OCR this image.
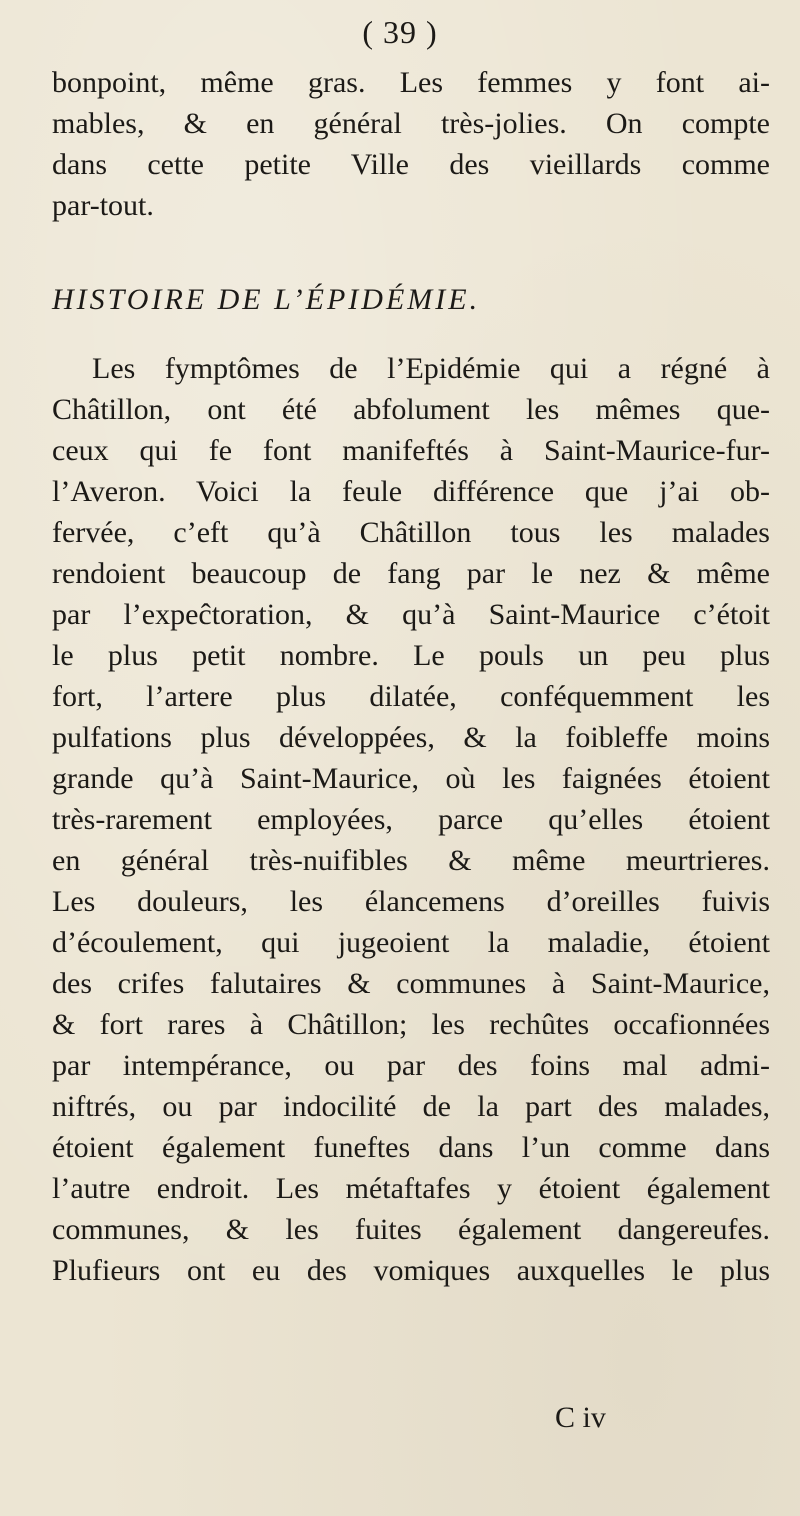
( 39 )
bonpoint, même gras. Les femmes y font ai-
mables, & en général très-jolies. On compte
dans cette petite Ville des vieillards comme
par-tout.
HISTOIRE DE L’ÉPIDÉMIE.
Les fymptômes de l’Epidémie qui a régné à
Châtillon, ont été abfolument les mêmes que-
ceux qui fe font manifeftés à Saint-Maurice-fur-
l’Averon. Voici la feule différence que j’ai ob-
fervée, c’eft qu’à Châtillon tous les malades
rendoient beaucoup de fang par le nez & même
par l’expeĉtoration, & qu’à Saint-Maurice c’étoit
le plus petit nombre. Le pouls un peu plus
fort, l’artere plus dilatée, conféquemment les
pulfations plus développées, & la foibleffe moins
grande qu’à Saint-Maurice, où les faignées étoient
très-rarement employées, parce qu’elles étoient
en général très-nuifibles & même meurtrieres.
Les douleurs, les élancemens d’oreilles fuivis
d’écoulement, qui jugeoient la maladie, étoient
des crifes falutaires & communes à Saint-Maurice,
& fort rares à Châtillon; les rechûtes occafionnées
par intempérance, ou par des foins mal admi-
niftrés, ou par indocilité de la part des malades,
étoient également funeftes dans l’un comme dans
l’autre endroit. Les métaftafes y étoient également
communes, & les fuites également dangereufes.
Plufieurs ont eu des vomiques auxquelles le plus
C iv
